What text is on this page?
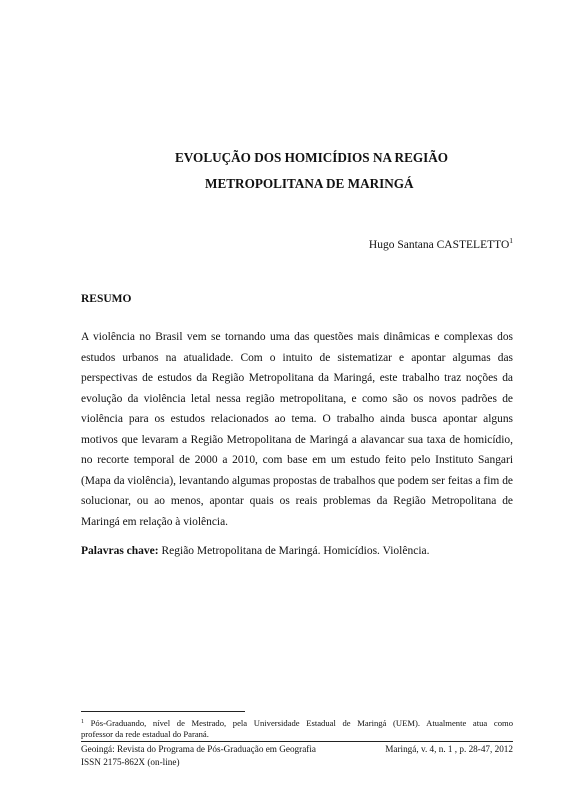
EVOLUÇÃO DOS HOMICÍDIOS NA REGIÃO
METROPOLITANA DE MARINGÁ
Hugo Santana CASTELETTO$^1$
RESUMO
A violência no Brasil vem se tornando uma das questões mais dinâmicas e complexas dos
estudos urbanos na atualidade. Com o intuito de sistematizar e apontar algumas das
perspectivas de estudos da Região Metropolitana da Maringá, este trabalho traz noções da
evolução da violência letal nessa região metropolitana, e como são os novos padrões de
violência para os estudos relacionados ao tema. O trabalho ainda busca apontar alguns
motivos que levaram a Região Metropolitana de Maringá a alavancar sua taxa de homicídio,
no recorte temporal de 2000 a 2010, com base em um estudo feito pelo Instituto Sangari
(Mapa da violência), levantando algumas propostas de trabalhos que podem ser feitas a fim de
solucionar, ou ao menos, apontar quais os reais problemas da Região Metropolitana de
Maringá em relação à violência.
Palavras chave: Região Metropolitana de Maringá. Homicídios. Violência.
$^1$ Pós-Graduando, nível de Mestrado, pela Universidade Estadual de Maringá (UEM). Atualmente atua como
professor da rede estadual do Paraná.
Geoingá: Revista do Programa de Pós-Graduação em Geografia	Maringá, v. 4, n. 1 , p. 28-47, 2012
ISSN 2175-862X (on-line)
